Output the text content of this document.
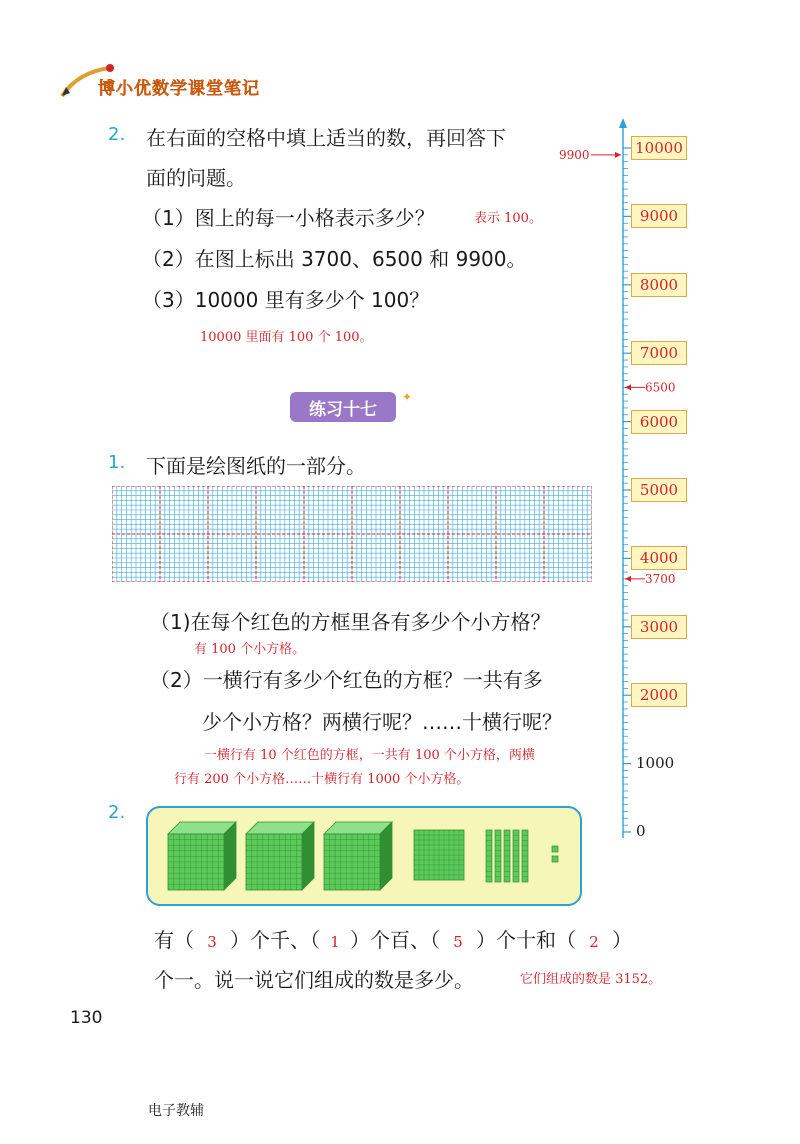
博小优数学课堂笔记
2. 在右面的空格中填上适当的数，再回答下
面的问题。
（1）图上的每一小格表示多少？	表示 100。
（2）在图上标出 3700、6500 和 9900。
（3）10000 里有多少个 100？
10000 里面有 100 个 100。
练习十七
✦
1. 下面是绘图纸的一部分。
（1)在每个红色的方框里各有多少个小方格？
有 100 个小方格。
（2）一横行有多少个红色的方框？一共有多
少个小方格？两横行呢？……十横行呢？
一横行有 10 个红色的方框，一共有 100 个小方格，两横
行有 200 个小方格……十横行有 1000 个小方格。
2.
有（ 3 ）个千、（ 1 ）个百、（ 5 ）个十和（ 2 ）
个一。说一说它们组成的数是多少。	它们组成的数是 3152。
9900
6500
3700
10000
9000
8000
7000
6000
5000
4000
3000
2000
1000
0
130
电子教辅
